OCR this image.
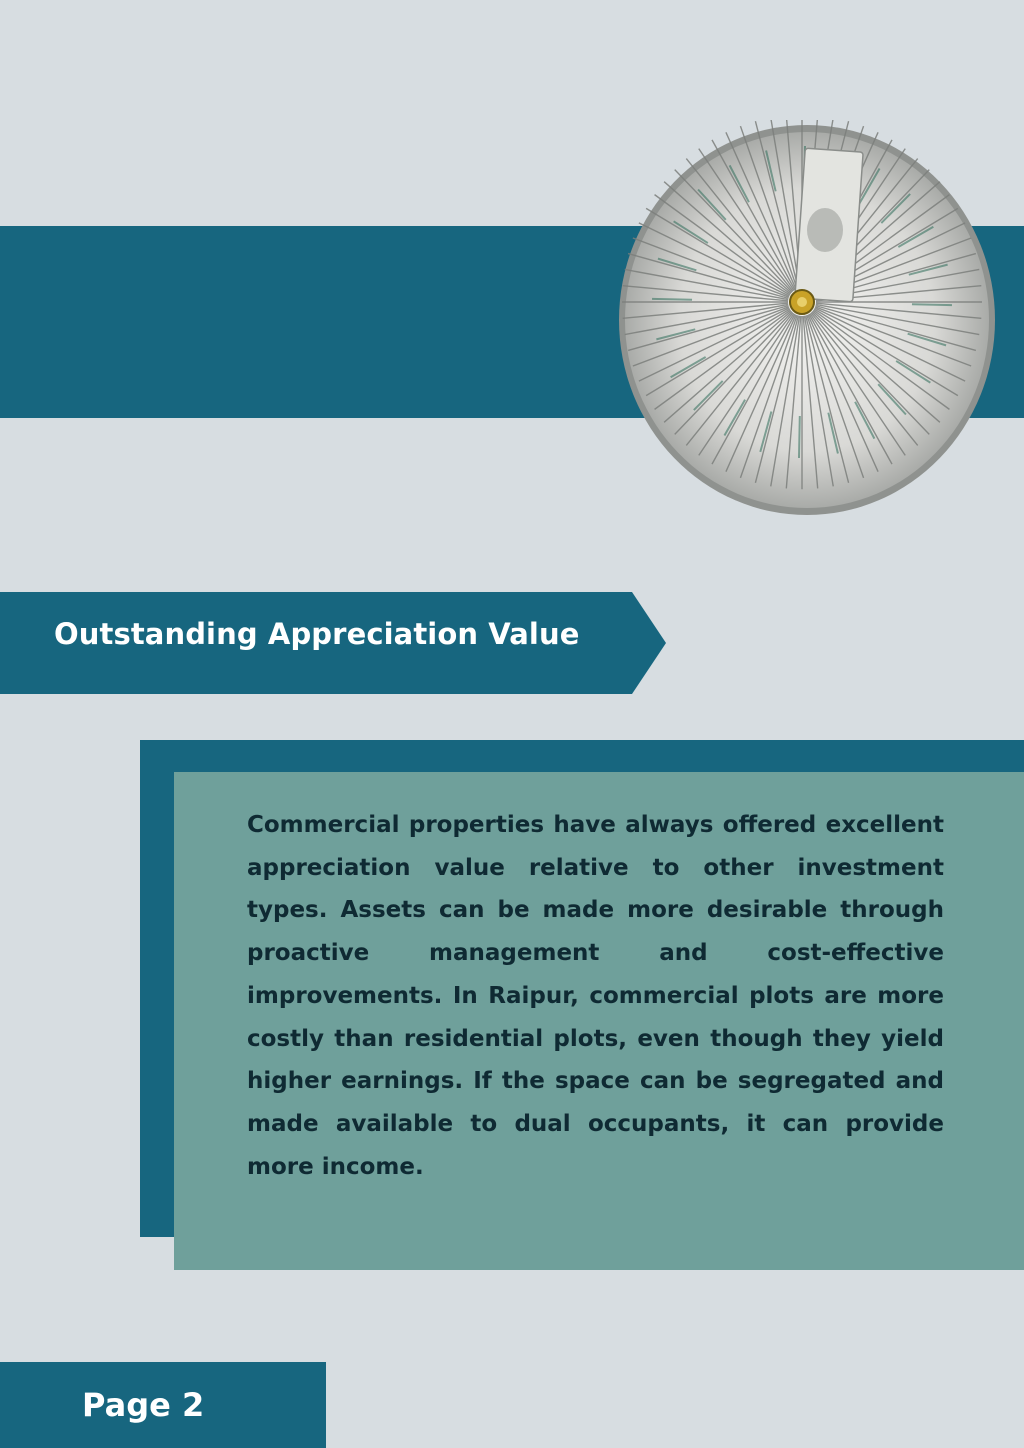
Outstanding Appreciation Value

Commercial properties have always offered excellent appreciation value relative to other investment types. Assets can be made more desirable through proactive management and cost-effective improvements. In Raipur, commercial plots are more costly than residential plots, even though they yield higher earnings. If the space can be segregated and made available to dual occupants, it can provide more income.

Page 2
